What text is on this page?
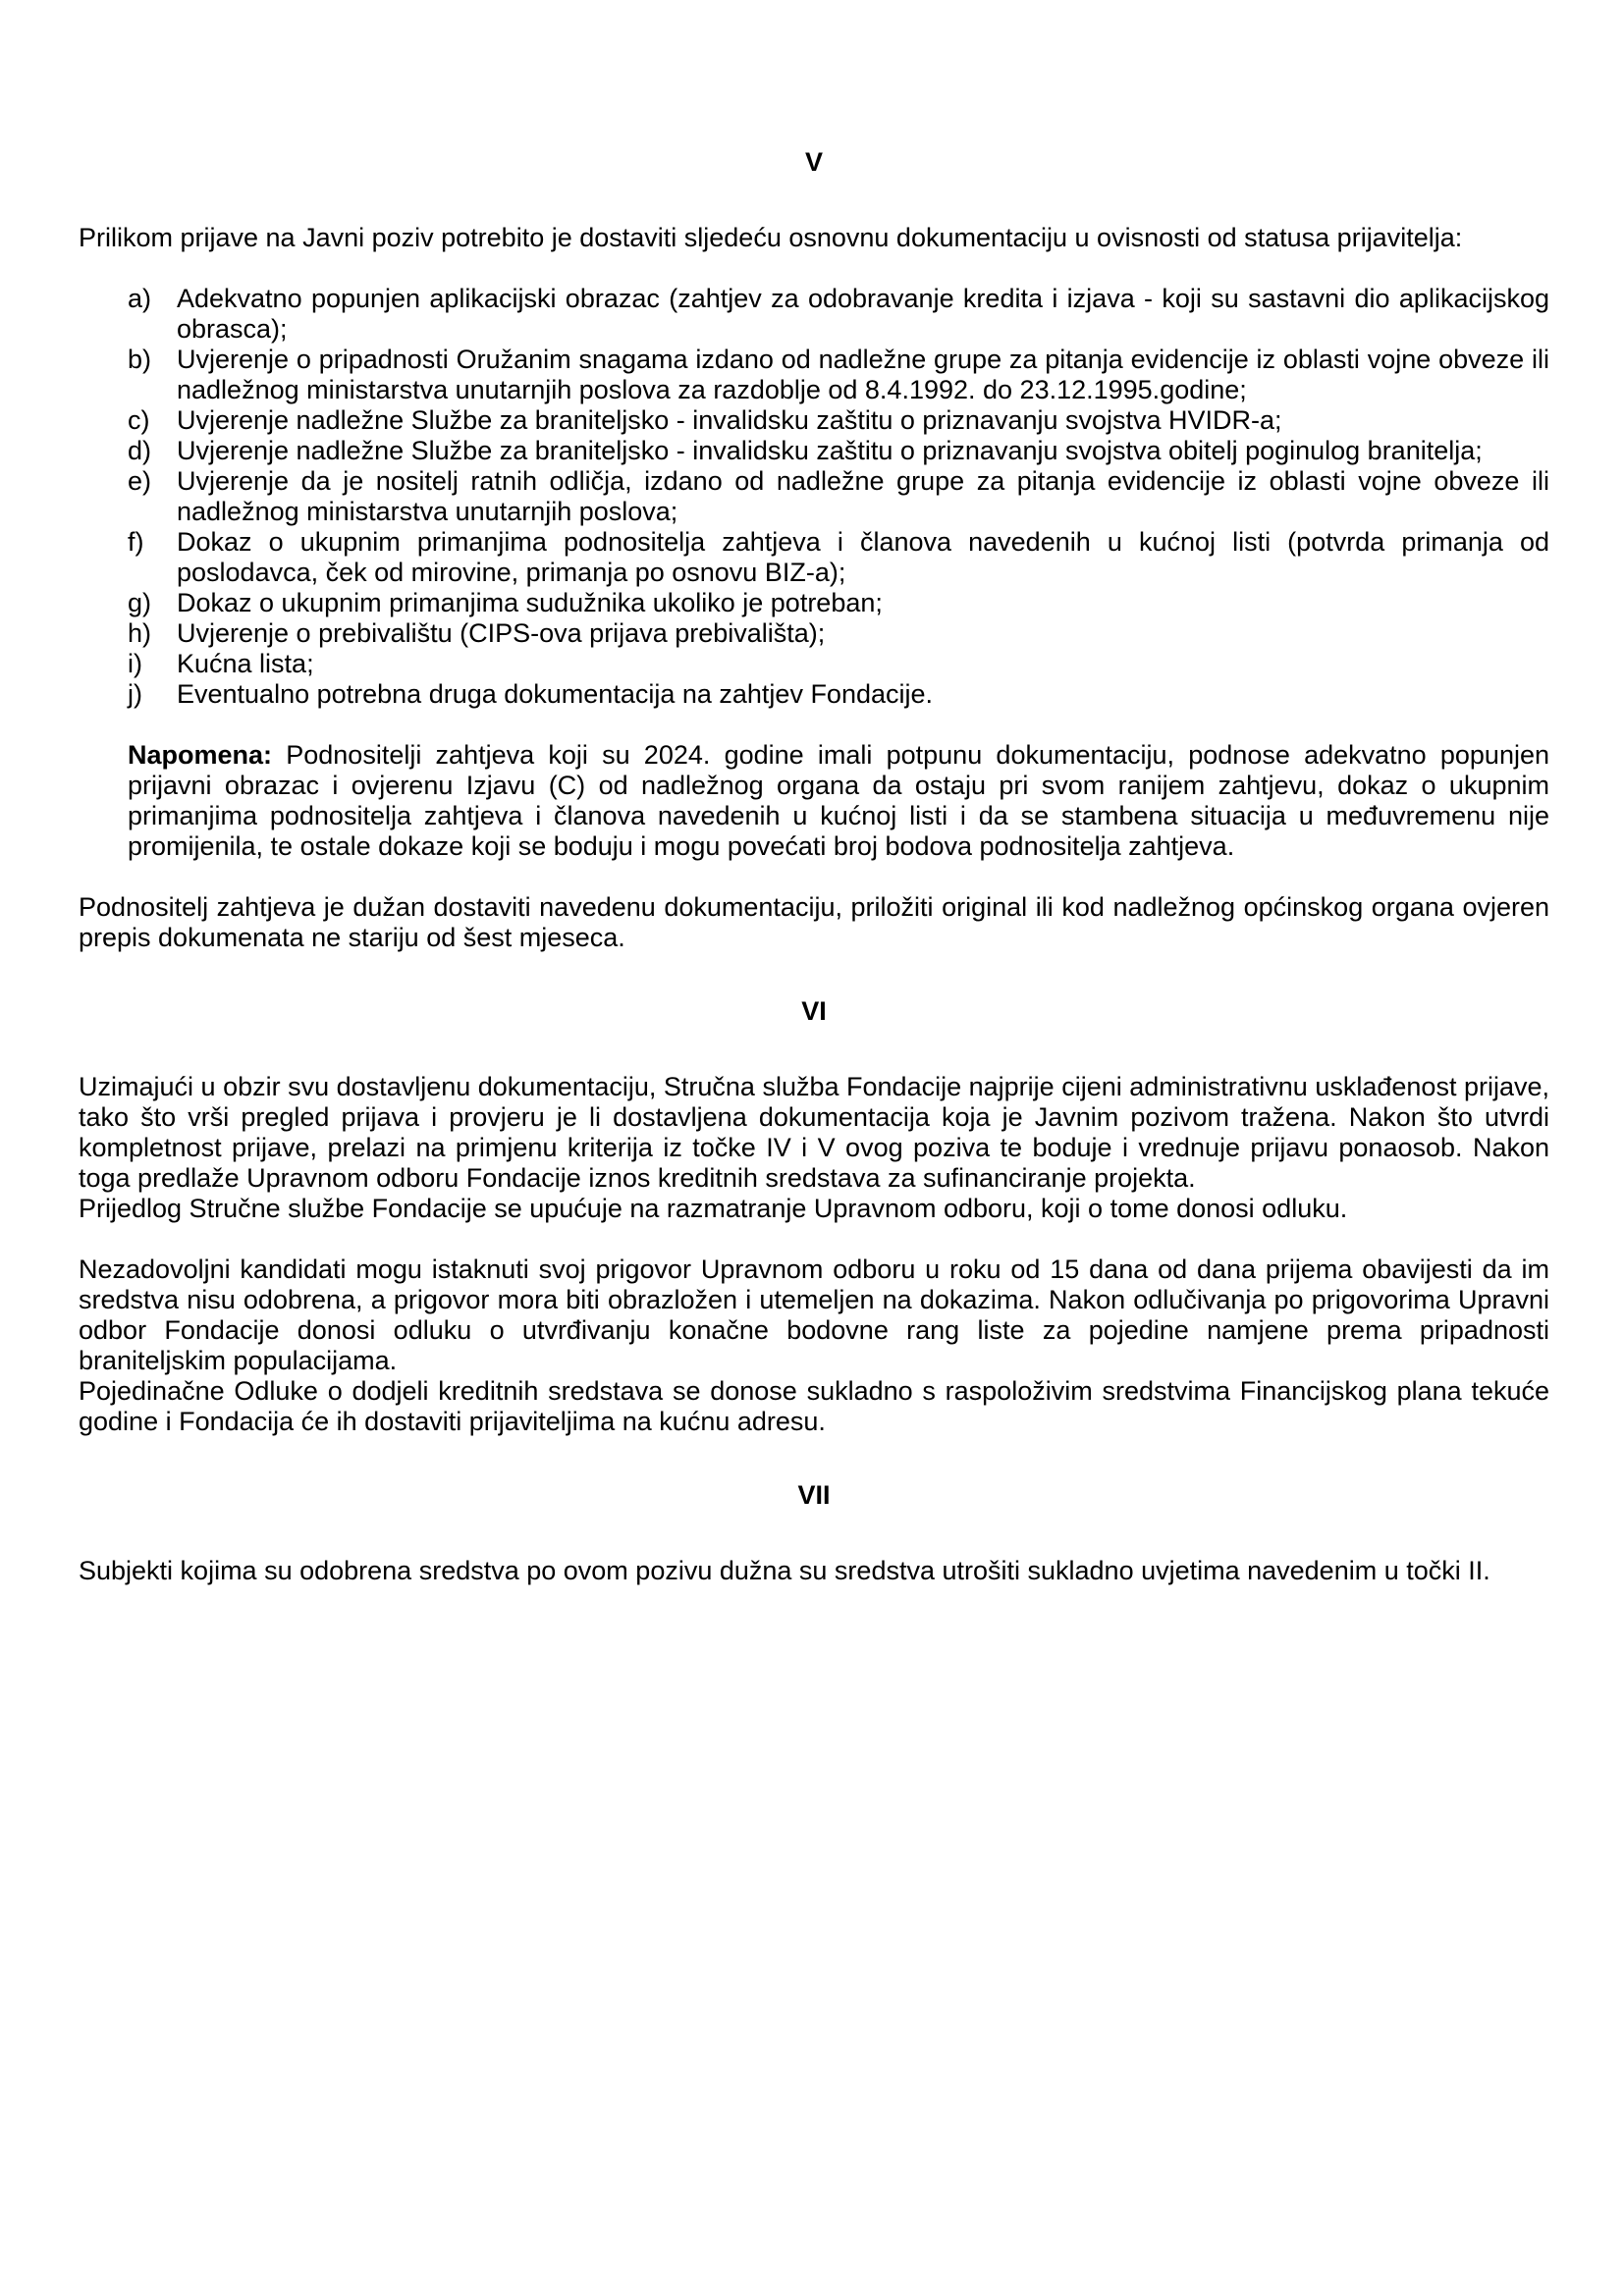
V

Prilikom prijave na Javni poziv potrebito je dostaviti sljedeću osnovnu dokumentaciju u ovisnosti od statusa prijavitelja:

a) Adekvatno popunjen aplikacijski obrazac (zahtjev za odobravanje kredita i izjava - koji su sastavni dio aplikacijskog obrasca);
b) Uvjerenje o pripadnosti Oružanim snagama izdano od nadležne grupe za pitanja evidencije iz oblasti vojne obveze ili nadležnog ministarstva unutarnjih poslova za razdoblje od 8.4.1992. do 23.12.1995.godine;
c) Uvjerenje nadležne Službe za braniteljsko - invalidsku zaštitu o priznavanju svojstva HVIDR-a;
d) Uvjerenje nadležne Službe za braniteljsko - invalidsku zaštitu o priznavanju svojstva obitelj poginulog branitelja;
e) Uvjerenje da je nositelj ratnih odličja, izdano od nadležne grupe za pitanja evidencije iz oblasti vojne obveze ili nadležnog ministarstva unutarnjih poslova;
f) Dokaz o ukupnim primanjima podnositelja zahtjeva i članova navedenih u kućnoj listi (potvrda primanja od poslodavca, ček od mirovine, primanja po osnovu BIZ-a);
g) Dokaz o ukupnim primanjima sudužnika ukoliko je potreban;
h) Uvjerenje o prebivalištu (CIPS-ova prijava prebivališta);
i) Kućna lista;
j) Eventualno potrebna druga dokumentacija na zahtjev Fondacije.

Napomena: Podnositelji zahtjeva koji su 2024. godine imali potpunu dokumentaciju, podnose adekvatno popunjen prijavni obrazac i ovjerenu Izjavu (C) od nadležnog organa da ostaju pri svom ranijem zahtjevu, dokaz o ukupnim primanjima podnositelja zahtjeva i članova navedenih u kućnoj listi i da se stambena situacija u međuvremenu nije promijenila, te ostale dokaze koji se boduju i mogu povećati broj bodova podnositelja zahtjeva.

Podnositelj zahtjeva je dužan dostaviti navedenu dokumentaciju, priložiti original ili kod nadležnog općinskog organa ovjeren prepis dokumenata ne stariju od šest mjeseca.

VI

Uzimajući u obzir svu dostavljenu dokumentaciju, Stručna služba Fondacije najprije cijeni administrativnu usklađenost prijave, tako što vrši pregled prijava i provjeru je li dostavljena dokumentacija koja je Javnim pozivom tražena. Nakon što utvrdi kompletnost prijave, prelazi na primjenu kriterija iz točke IV i V ovog poziva te boduje i vrednuje prijavu ponaosob. Nakon toga predlaže Upravnom odboru Fondacije iznos kreditnih sredstava za sufinanciranje projekta.

Prijedlog Stručne službe Fondacije se upućuje na razmatranje Upravnom odboru, koji o tome donosi odluku.

Nezadovoljni kandidati mogu istaknuti svoj prigovor Upravnom odboru u roku od 15 dana od dana prijema obavijesti da im sredstva nisu odobrena, a prigovor mora biti obrazložen i utemeljen na dokazima. Nakon odlučivanja po prigovorima Upravni odbor Fondacije donosi odluku o utvrđivanju konačne bodovne rang liste za pojedine namjene prema pripadnosti braniteljskim populacijama.

Pojedinačne Odluke o dodjeli kreditnih sredstava se donose sukladno s raspoloživim sredstvima Financijskog plana tekuće godine i Fondacija će ih dostaviti prijaviteljima na kućnu adresu.

VII

Subjekti kojima su odobrena sredstva po ovom pozivu dužna su sredstva utrošiti sukladno uvjetima navedenim u točki II.
